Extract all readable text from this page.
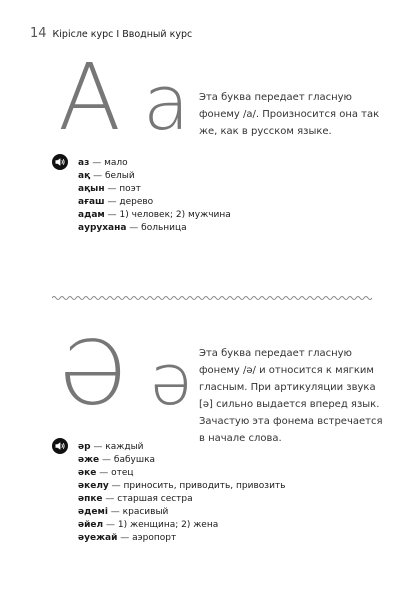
14 Кірісле курс I Вводный курс
А а Эта буква передает гласную фонему /а/. Произносится она так же, как в русском языке.
аз — мало
ақ — белый
ақын — поэт
ағаш — дерево
адам — 1) человек; 2) мужчина
аурухана — больница
Ә ә Эта буква передает гласную фонему /ә/ и относится к мягким гласным. При артикуляции звука [ә] сильно выдается вперед язык. Зачастую эта фонема встречается в начале слова.
әр — каждый
әже — бабушка
әке — отец
әкелу — приносить, приводить, привозить
әпке — старшая сестра
әдемі — красивый
әйел — 1) женщина; 2) жена
әуежай — аэропорт
